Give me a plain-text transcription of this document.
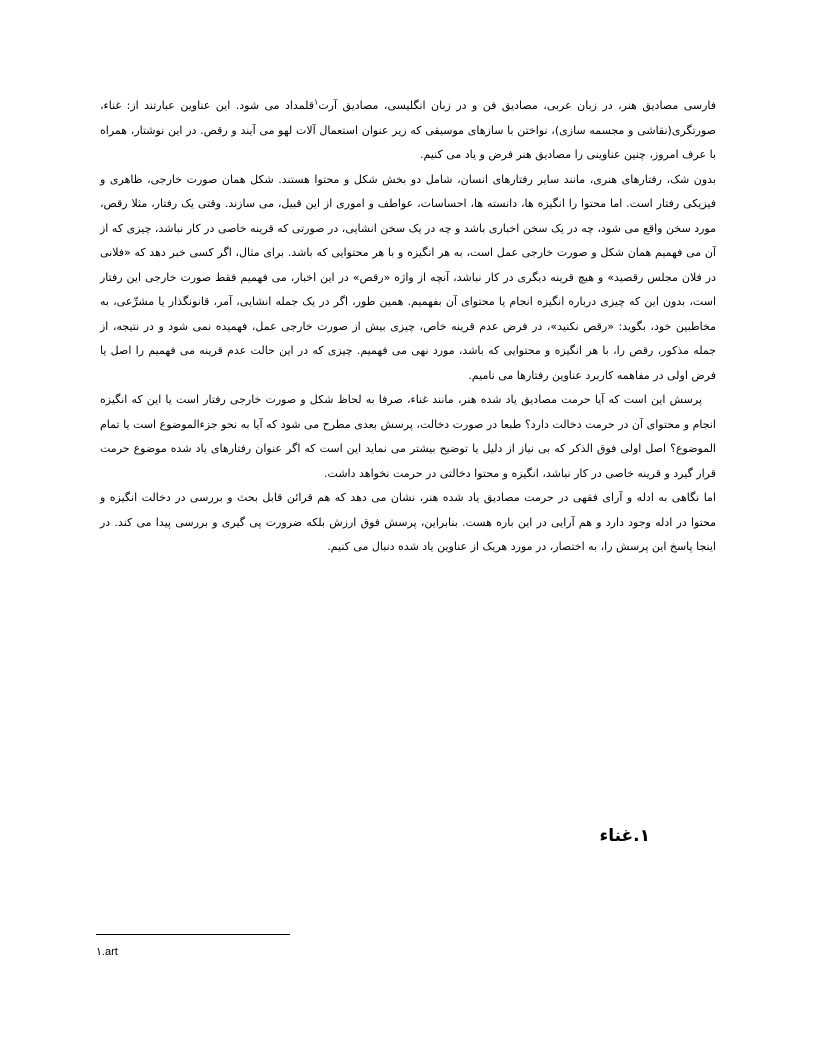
فارسی مصادیق هنر، در زبان عربی، مصادیق فن و در زبان انگلیسی، مصادیق آرت$^۱$قلمداد می شود. این عناوین عبارتند از: غناء، صورتگری(نقاشی و مجسمه سازی)، نواختن با سازهای موسیقی که زیر عنوان استعمال آلات لهو می آیند و رقص. در این نوشتار، همراه با عرف امروز، چنین عناوینی را مصادیق هنر فرض و یاد می کنیم.

بدون شک، رفتارهای هنری، مانند سایر رفتارهای انسان، شامل دو بخش شکل و محتوا هستند. شکل همان صورت خارجی، ظاهری و فیزیکی رفتار است. اما محتوا را انگیزه ها، دانسته ها، احساسات، عواطف و اموری از این قبیل، می سازند. وقتی یک رفتار، مثلا رقص، مورد سخن واقع می شود، چه در یک سخن اخباری باشد و چه در یک سخن انشایی، در صورتی که قرینه خاصی در کار نباشد، چیزی که از آن می فهمیم همان شکل و صورت خارجی عمل است، به هر انگیزه و با هر محتوایی که باشد. برای مثال، اگر کسی خبر دهد که «فلانی در فلان مجلس رقصید» و هیچ قرینه دیگری در کار نباشد، آنچه از واژه «رقص» در این اخبار، می فهمیم فقط صورت خارجی این رفتار است، بدون این که چیزی درباره انگیزه انجام یا محتوای آن بفهمیم. همین طور، اگر در یک جمله انشایی، آمر، قانونگذار یا مشرِّعی، به مخاطبین خود، بگوید: «رقص نکنید»، در فرض عدم قرینه خاص، چیزی بیش از صورت خارجی عمل، فهمیده نمی شود و در نتیجه، از جمله مذکور، رقص را، با هر انگیزه و محتوایی که باشد، مورد نهی می فهمیم. چیزی که در این حالت عدم قرینه می فهمیم را اصل یا فرض اولی در مفاهمه کاربرد عناوین رفتارها می نامیم.

پرسش این است که آیا حرمت مصادیق یاد شده هنر، مانند غناء، صرفا به لحاظ شکل و صورت خارجی رفتار است یا این که انگیزه انجام و محتوای آن در حرمت دخالت دارد؟ طبعا در صورت دخالت، پرسش بعدی مطرح می شود که آیا به نحو جزءالموضوع است یا تمام الموضوع؟ اصل اولی فوق الذکر که بی نیاز از دلیل یا توضیح بیشتر می نماید این است که اگر عنوان رفتارهای یاد شده موضوع حرمت قرار گیرد و قرینه خاصی در کار نباشد، انگیزه و محتوا دخالتی در حرمت نخواهد داشت.

اما نگاهی به ادله و آرای فقهی در حرمت مصادیق یاد شده هنر، نشان می دهد که هم قرائن قابل بحث و بررسی در دخالت انگیزه و محتوا در ادله وجود دارد و هم آرایی در این باره هست. بنابراین، پرسش فوق ارزش بلکه ضرورت پی گیری و بررسی پیدا می کند. در اینجا پاسخ این پرسش را، به اختصار، در مورد هریک از عناوین یاد شده دنبال می کنیم.

۱.غناء
۱.art
